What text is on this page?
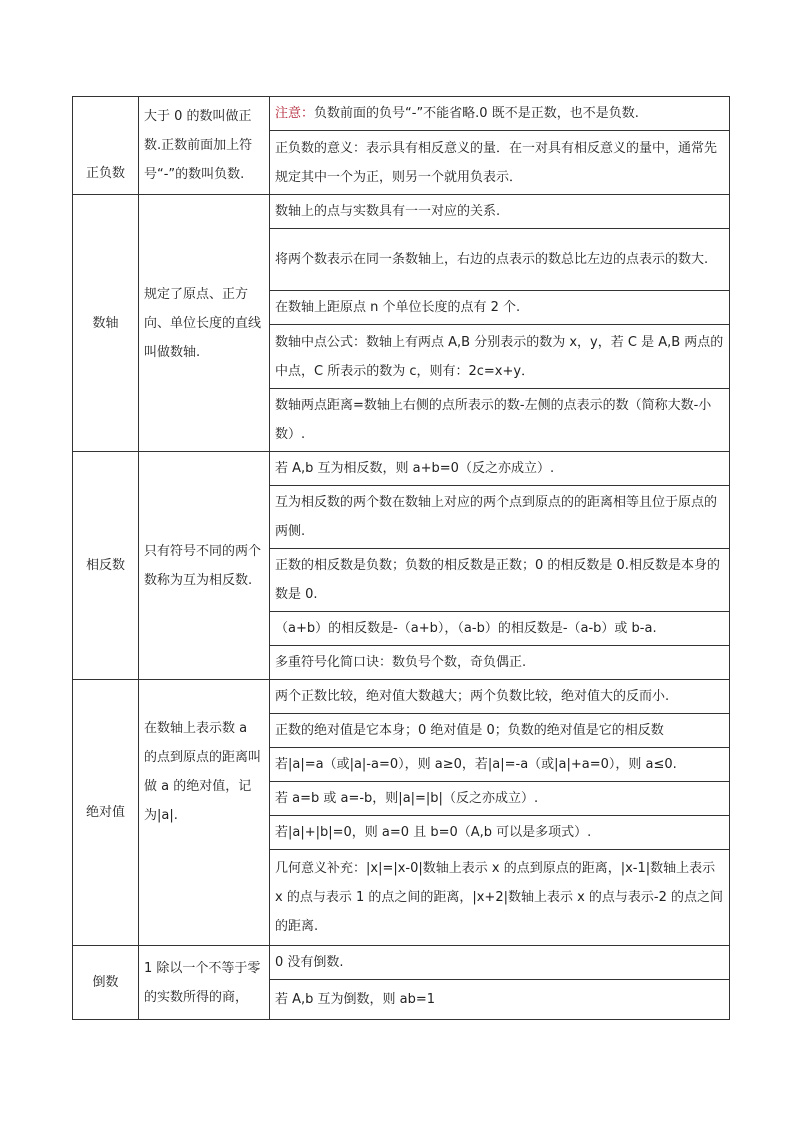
正负数	大于 0 的数叫做正数.正数前面加上符号“-”的数叫负数.	注意：负数前面的负号“-”不能省略.0 既不是正数，也不是负数.
		正负数的意义：表示具有相反意义的量．在一对具有相反意义的量中，通常先规定其中一个为正，则另一个就用负表示．
数轴	规定了原点、正方向、单位长度的直线叫做数轴.	数轴上的点与实数具有一一对应的关系.
		将两个数表示在同一条数轴上，右边的点表示的数总比左边的点表示的数大.
		在数轴上距原点 n 个单位长度的点有 2 个.
		数轴中点公式：数轴上有两点 A,B 分别表示的数为 x，y，若 C 是 A,B 两点的中点，C 所表示的数为 c，则有：2c=x+y．
		数轴两点距离=数轴上右侧的点所表示的数-左侧的点表示的数（简称大数-小数）.
相反数	只有符号不同的两个数称为互为相反数.	若 A,b 互为相反数，则 a+b=0（反之亦成立）.
		互为相反数的两个数在数轴上对应的两个点到原点的的距离相等且位于原点的两侧.
		正数的相反数是负数；负数的相反数是正数；0 的相反数是 0.相反数是本身的数是 0.
		（a+b）的相反数是-（a+b），（a-b）的相反数是-（a-b）或 b-a.
		多重符号化简口诀：数负号个数，奇负偶正.
绝对值	在数轴上表示数 a 的点到原点的距离叫做 a 的绝对值，记为|a|.	两个正数比较，绝对值大数越大；两个负数比较，绝对值大的反而小.
		正数的绝对值是它本身；0 绝对值是 0；负数的绝对值是它的相反数
		若|a|=a（或|a|-a=0），则 a≥0，若|a|=-a（或|a|+a=0），则 a≤0.
		若 a=b 或 a=-b，则|a|=|b|（反之亦成立）.
		若|a|+|b|=0，则 a=0 且 b=0（A,b 可以是多项式）.
		几何意义补充：|x|=|x-0|数轴上表示 x 的点到原点的距离，|x-1|数轴上表示 x 的点与表示 1 的点之间的距离，|x+2|数轴上表示 x 的点与表示-2 的点之间的距离.
倒数	1 除以一个不等于零的实数所得的商，	0 没有倒数.
		若 A,b 互为倒数，则 ab=1
